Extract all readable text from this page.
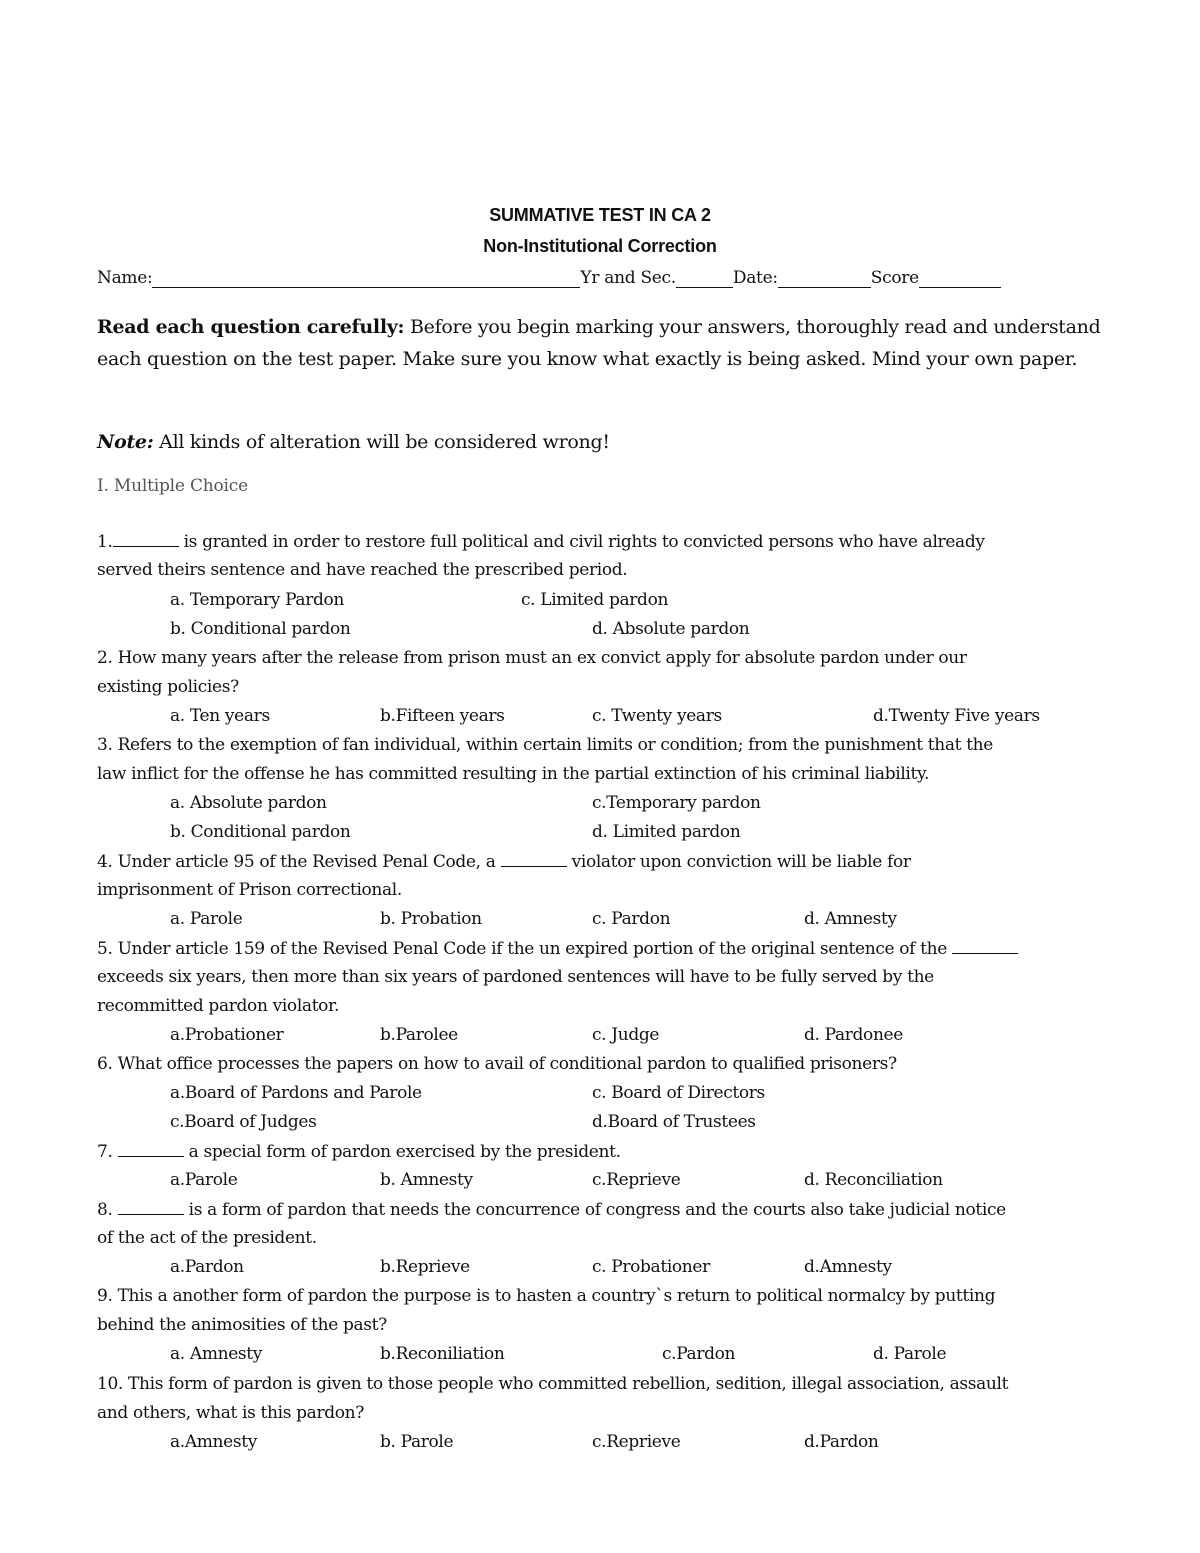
SUMMATIVE TEST IN CA 2
Non-Institutional Correction
Name:	Yr and Sec.	Date:	Score
Read each question carefully: Before you begin marking your answers, thoroughly read and understand each question on the test paper. Make sure you know what exactly is being asked. Mind your own paper.
Note: All kinds of alteration will be considered wrong!
I. Multiple Choice
1.	is granted in order to restore full political and civil rights to convicted persons who have already
served theirs sentence and have reached the prescribed period.
a. Temporary Pardon	c. Limited pardon
b. Conditional pardon	d. Absolute pardon
2. How many years after the release from prison must an ex convict apply for absolute pardon under our
existing policies?
a. Ten years	b.Fifteen years	c. Twenty years	d.Twenty Five years
3. Refers to the exemption of fan individual, within certain limits or condition; from the punishment that the
law inflict for the offense he has committed resulting in the partial extinction of his criminal liability.
a. Absolute pardon	c.Temporary pardon
b. Conditional pardon	d. Limited pardon
4. Under article 95 of the Revised Penal Code, a	violator upon conviction will be liable for
imprisonment of Prison correctional.
a. Parole	b. Probation	c. Pardon	d. Amnesty
5. Under article 159 of the Revised Penal Code if the un expired portion of the original sentence of the
exceeds six years, then more than six years of pardoned sentences will have to be fully served by the
recommitted pardon violator.
a.Probationer	b.Parolee	c. Judge	d. Pardonee
6. What office processes the papers on how to avail of conditional pardon to qualified prisoners?
a.Board of Pardons and Parole	c. Board of Directors
c.Board of Judges	d.Board of Trustees
7.	a special form of pardon exercised by the president.
a.Parole	b. Amnesty	c.Reprieve	d. Reconciliation
8.	is a form of pardon that needs the concurrence of congress and the courts also take judicial notice
of the act of the president.
a.Pardon	b.Reprieve	c. Probationer	d.Amnesty
9. This a another form of pardon the purpose is to hasten a country`s return to political normalcy by putting
behind the animosities of the past?
a. Amnesty	b.Reconiliation	c.Pardon	d. Parole
10. This form of pardon is given to those people who committed rebellion, sedition, illegal association, assault
and others, what is this pardon?
a.Amnesty	b. Parole	c.Reprieve	d.Pardon
